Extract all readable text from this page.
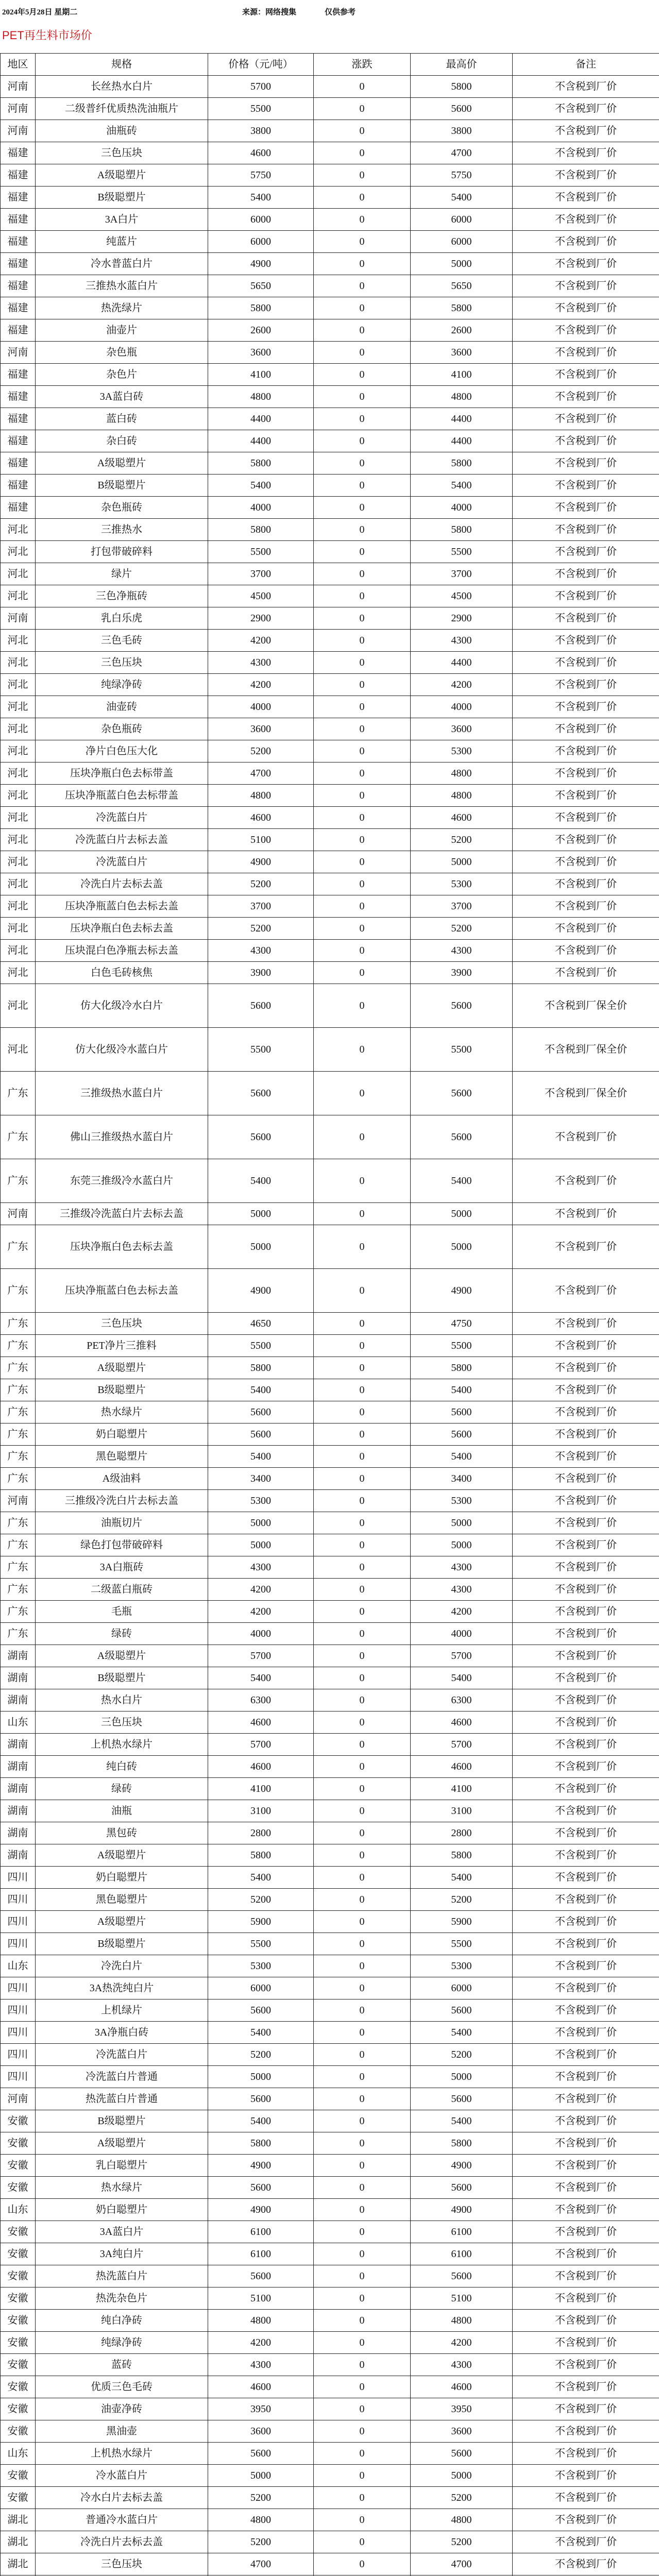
2024年5月28日 星期二	来源：网络搜集	仅供参考
PET再生料市场价
地区	规格	价格（元/吨）	涨跌	最高价	备注
河南	长丝热水白片	5700	0	5800	不含税到厂价
河南	二级普纤优质热洗油瓶片	5500	0	5600	不含税到厂价
河南	油瓶砖	3800	0	3800	不含税到厂价
福建	三色压块	4600	0	4700	不含税到厂价
福建	A级聪塑片	5750	0	5750	不含税到厂价
福建	B级聪塑片	5400	0	5400	不含税到厂价
福建	3A白片	6000	0	6000	不含税到厂价
福建	纯蓝片	6000	0	6000	不含税到厂价
福建	冷水普蓝白片	4900	0	5000	不含税到厂价
福建	三推热水蓝白片	5650	0	5650	不含税到厂价
福建	热洗绿片	5800	0	5800	不含税到厂价
福建	油壶片	2600	0	2600	不含税到厂价
河南	杂色瓶	3600	0	3600	不含税到厂价
福建	杂色片	4100	0	4100	不含税到厂价
福建	3A蓝白砖	4800	0	4800	不含税到厂价
福建	蓝白砖	4400	0	4400	不含税到厂价
福建	杂白砖	4400	0	4400	不含税到厂价
福建	A级聪塑片	5800	0	5800	不含税到厂价
福建	B级聪塑片	5400	0	5400	不含税到厂价
福建	杂色瓶砖	4000	0	4000	不含税到厂价
河北	三推热水	5800	0	5800	不含税到厂价
河北	打包带破碎料	5500	0	5500	不含税到厂价
河北	绿片	3700	0	3700	不含税到厂价
河北	三色净瓶砖	4500	0	4500	不含税到厂价
河南	乳白乐虎	2900	0	2900	不含税到厂价
河北	三色毛砖	4200	0	4300	不含税到厂价
河北	三色压块	4300	0	4400	不含税到厂价
河北	纯绿净砖	4200	0	4200	不含税到厂价
河北	油壶砖	4000	0	4000	不含税到厂价
河北	杂色瓶砖	3600	0	3600	不含税到厂价
河北	净片白色压大化	5200	0	5300	不含税到厂价
河北	压块净瓶白色去标带盖	4700	0	4800	不含税到厂价
河北	压块净瓶蓝白色去标带盖	4800	0	4800	不含税到厂价
河北	冷洗蓝白片	4600	0	4600	不含税到厂价
河北	冷洗蓝白片去标去盖	5100	0	5200	不含税到厂价
河北	冷洗蓝白片	4900	0	5000	不含税到厂价
河北	冷洗白片去标去盖	5200	0	5300	不含税到厂价
河北	压块净瓶蓝白色去标去盖	3700	0	3700	不含税到厂价
河北	压块净瓶白色去标去盖	5200	0	5200	不含税到厂价
河北	压块混白色净瓶去标去盖	4300	0	4300	不含税到厂价
河北	白色毛砖核焦	3900	0	3900	不含税到厂价
河北	仿大化级冷水白片	5600	0	5600	不含税到厂保全价
河北	仿大化级冷水蓝白片	5500	0	5500	不含税到厂保全价
广东	三推级热水蓝白片	5600	0	5600	不含税到厂保全价
广东	佛山三推级热水蓝白片	5600	0	5600	不含税到厂价
广东	东莞三推级冷水蓝白片	5400	0	5400	不含税到厂价
河南	三推级冷洗蓝白片去标去盖	5000	0	5000	不含税到厂价
广东	压块净瓶白色去标去盖	5000	0	5000	不含税到厂价
广东	压块净瓶蓝白色去标去盖	4900	0	4900	不含税到厂价
广东	三色压块	4650	0	4750	不含税到厂价
广东	PET净片三推料	5500	0	5500	不含税到厂价
广东	A级聪塑片	5800	0	5800	不含税到厂价
广东	B级聪塑片	5400	0	5400	不含税到厂价
广东	热水绿片	5600	0	5600	不含税到厂价
广东	奶白聪塑片	5600	0	5600	不含税到厂价
广东	黑色聪塑片	5400	0	5400	不含税到厂价
广东	A级油料	3400	0	3400	不含税到厂价
河南	三推级冷洗白片去标去盖	5300	0	5300	不含税到厂价
广东	油瓶切片	5000	0	5000	不含税到厂价
广东	绿色打包带破碎料	5000	0	5000	不含税到厂价
广东	3A白瓶砖	4300	0	4300	不含税到厂价
广东	二级蓝白瓶砖	4200	0	4300	不含税到厂价
广东	毛瓶	4200	0	4200	不含税到厂价
广东	绿砖	4000	0	4000	不含税到厂价
湖南	A级聪塑片	5700	0	5700	不含税到厂价
湖南	B级聪塑片	5400	0	5400	不含税到厂价
湖南	热水白片	6300	0	6300	不含税到厂价
山东	三色压块	4600	0	4600	不含税到厂价
湖南	上机热水绿片	5700	0	5700	不含税到厂价
湖南	纯白砖	4600	0	4600	不含税到厂价
湖南	绿砖	4100	0	4100	不含税到厂价
湖南	油瓶	3100	0	3100	不含税到厂价
湖南	黑包砖	2800	0	2800	不含税到厂价
湖南	A级聪塑片	5800	0	5800	不含税到厂价
四川	奶白聪塑片	5400	0	5400	不含税到厂价
四川	黑色聪塑片	5200	0	5200	不含税到厂价
四川	A级聪塑片	5900	0	5900	不含税到厂价
四川	B级聪塑片	5500	0	5500	不含税到厂价
山东	冷洗白片	5300	0	5300	不含税到厂价
四川	3A热洗纯白片	6000	0	6000	不含税到厂价
四川	上机绿片	5600	0	5600	不含税到厂价
四川	3A净瓶白砖	5400	0	5400	不含税到厂价
四川	冷洗蓝白片	5200	0	5200	不含税到厂价
四川	冷洗蓝白片普通	5000	0	5000	不含税到厂价
河南	热洗蓝白片普通	5600	0	5600	不含税到厂价
安徽	B级聪塑片	5400	0	5400	不含税到厂价
安徽	A级聪塑片	5800	0	5800	不含税到厂价
安徽	乳白聪塑片	4900	0	4900	不含税到厂价
安徽	热水绿片	5600	0	5600	不含税到厂价
山东	奶白聪塑片	4900	0	4900	不含税到厂价
安徽	3A蓝白片	6100	0	6100	不含税到厂价
安徽	3A纯白片	6100	0	6100	不含税到厂价
安徽	热洗蓝白片	5600	0	5600	不含税到厂价
安徽	热洗杂色片	5100	0	5100	不含税到厂价
安徽	纯白净砖	4800	0	4800	不含税到厂价
安徽	纯绿净砖	4200	0	4200	不含税到厂价
安徽	蓝砖	4300	0	4300	不含税到厂价
安徽	优质三色毛砖	4600	0	4600	不含税到厂价
安徽	油壶净砖	3950	0	3950	不含税到厂价
安徽	黑油壶	3600	0	3600	不含税到厂价
山东	上机热水绿片	5600	0	5600	不含税到厂价
安徽	冷水蓝白片	5000	0	5000	不含税到厂价
安徽	冷水白片去标去盖	5200	0	5200	不含税到厂价
湖北	普通冷水蓝白片	4800	0	4800	不含税到厂价
湖北	冷洗白片去标去盖	5200	0	5200	不含税到厂价
湖北	三色压块	4700	0	4700	不含税到厂价
